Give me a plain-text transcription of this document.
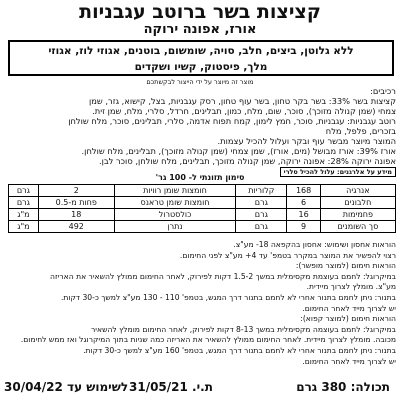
קציצות בשר ברוטב עגבניות
אורז, אפונה ירוקה
ללא גלוטן, ביצים, חלב, סויה, שומשום, בוטנים, אגוזי לוז, אגוזי
מלך, פיסטוק, קשיו ושקדים
מוצר זה מיוצר על ידי הייצור לבקשתכם
רכיבים:
קציצות בשר 33%: בשר בקר טחון, בשר עוף טחון, רסק עגבניות, בצל, קישוא, גזר, שמן
צמחי (שמן קנולה מזוכך), סוכר, שום, מלח, כמון, תבלינים, חרדל, סלרי, מלח, שמן זית.
רוטב עגבניות: עגבניות, סוכר, חמץ לימון, קמח תפוח אדמה, סלרי, תבלינים, סוכר, מלח שולחן
בזכרים, פלפל, מלח
המוצר מיוצר מבשר עוף ובקר ועלול להכיל עצמות.
אורז 39%: אורז מבושל (מים, אורז), שמן צמחי (שמן קנולה מזוכך), תבלינים, מלח שולחן.
אפונה ירוקה 28%: אפונה ירוקה, שמן קנולה מזוכך, תבלינים, מלח שולחן, סוכר לבן.
מידע על אלרגנים: עלול להכיל סלרי
סימון תזונתי ל- 100 גר'
אנרגיה	168	קלוריות	חומצות שומן רוויות	2	גרם
חלבונים	6	גרם	חומצות שומן טראנס	פחות מ-0.5	גרם
פחמימות	16	גרם	כולסטרול	18	מ"ג
סך השומנים	9	גרם	נתרן	492	מ"ג
הוראות אחסון ושימוש: אחסון בהקפאה 18- מע"צ.
רצוי להפשיר את המוצר במקרר בטמפ' עד 4+ מע"צ לפני החימום.
הוראות חימום (למוצר מופשר):
במיקרוגל: לחמם בעוצמת מקסימלית במשך 1.5-2 דקות לפירוק, לאחר החימום ממולץ להשאיר את האריזה
מע"צ. מומלץ לצרוך מיידית.
בתנור: ניתן לחמם בתנור אחרי לא לחמם בתנור דרך המגש, בטמפ' 110 - 130 מע"צ למשך כ-30 דקות.
יש לצרוך מייד לאחר החימום.
הוראות חימום (למוצר קפוא):
במיקרוגל: לחמם בעוצמה מקסימלית במשך 8-13 דקות לפירוק, לאחר החימום מומלץ להשאיר
מכובה. מומלץ לצרוך מיידית. לאחר החימום ממולץ להשאיר את האריזה כמה שניות בתוך המיקרוגל ואז ממש לחימום.
בתנור: ניתן לחמם בתנור אחרי לא לחמם בתנור דרך המגש, בטמפ' 160 מע"צ למשך כ-30 דקות.
יש לצרוך מייד לאחר החימום.
תכולה: 380 גרם
ת.י. 31/05/21
לשימוש עד 30/04/22
